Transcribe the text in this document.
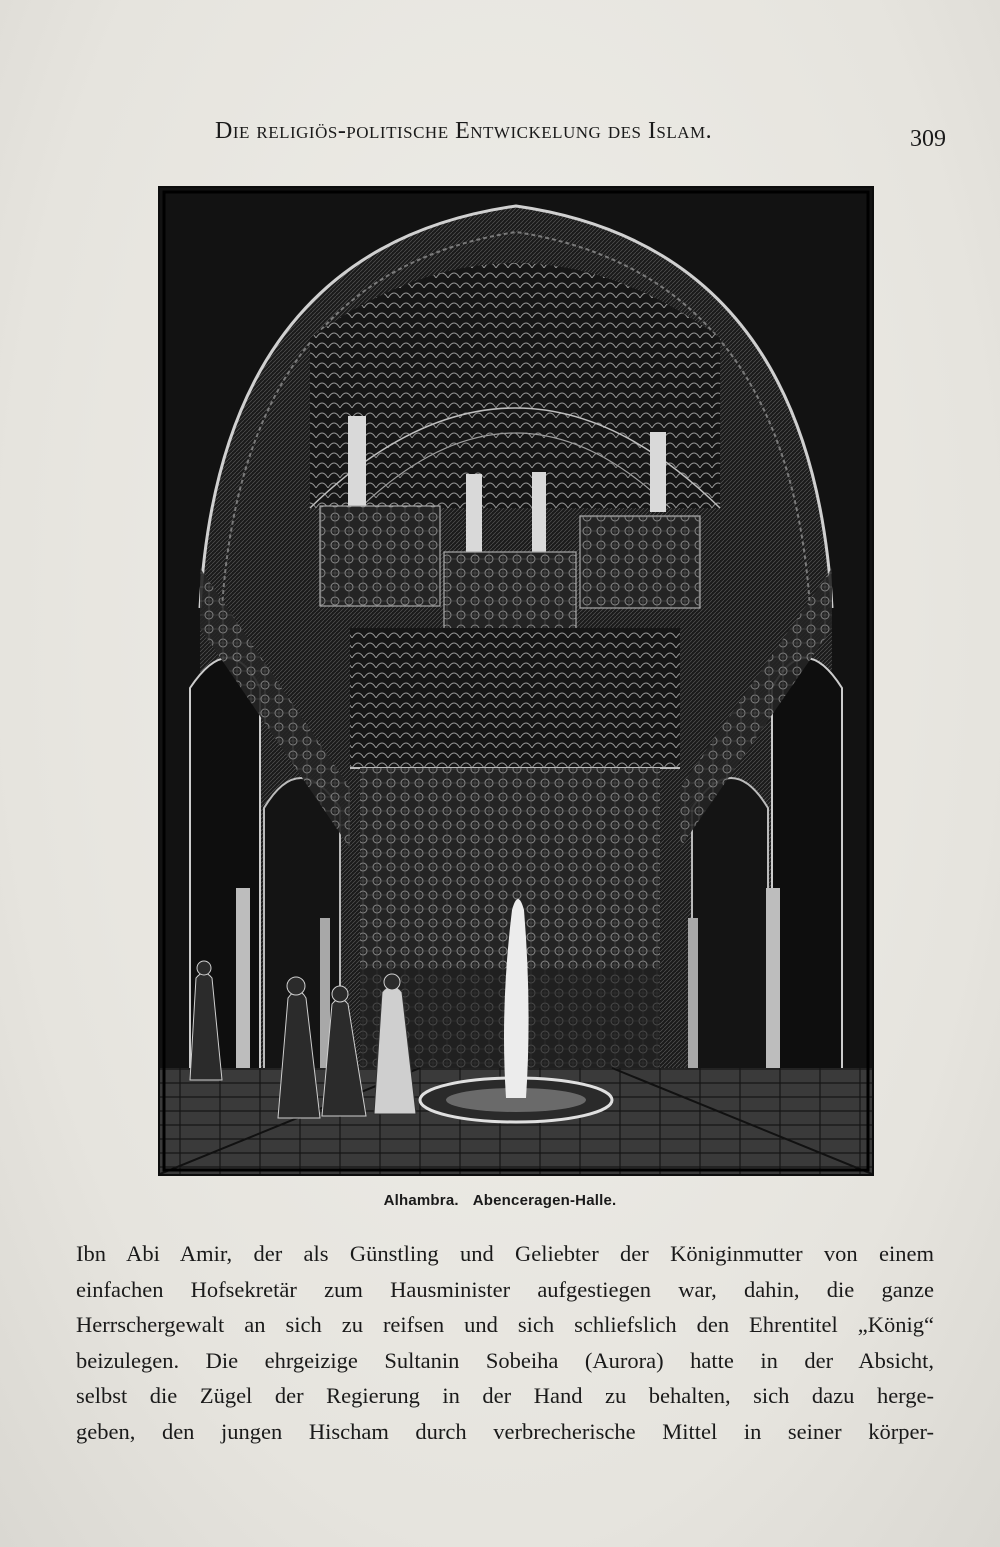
Die religiös-politische Entwickelung des Islam.	309
Alhambra. Abenceragen-Halle.
Ibn Abi Amir, der als Günstling und Geliebter der Königinmutter von einem
einfachen Hofsekretär zum Hausminister aufgestiegen war, dahin, die ganze
Herrschergewalt an sich zu reifsen und sich schliefslich den Ehrentitel „König“
beizulegen. Die ehrgeizige Sultanin Sobeiha (Aurora) hatte in der Absicht,
selbst die Zügel der Regierung in der Hand zu behalten, sich dazu herge-
geben, den jungen Hischam durch verbrecherische Mittel in seiner körper-
